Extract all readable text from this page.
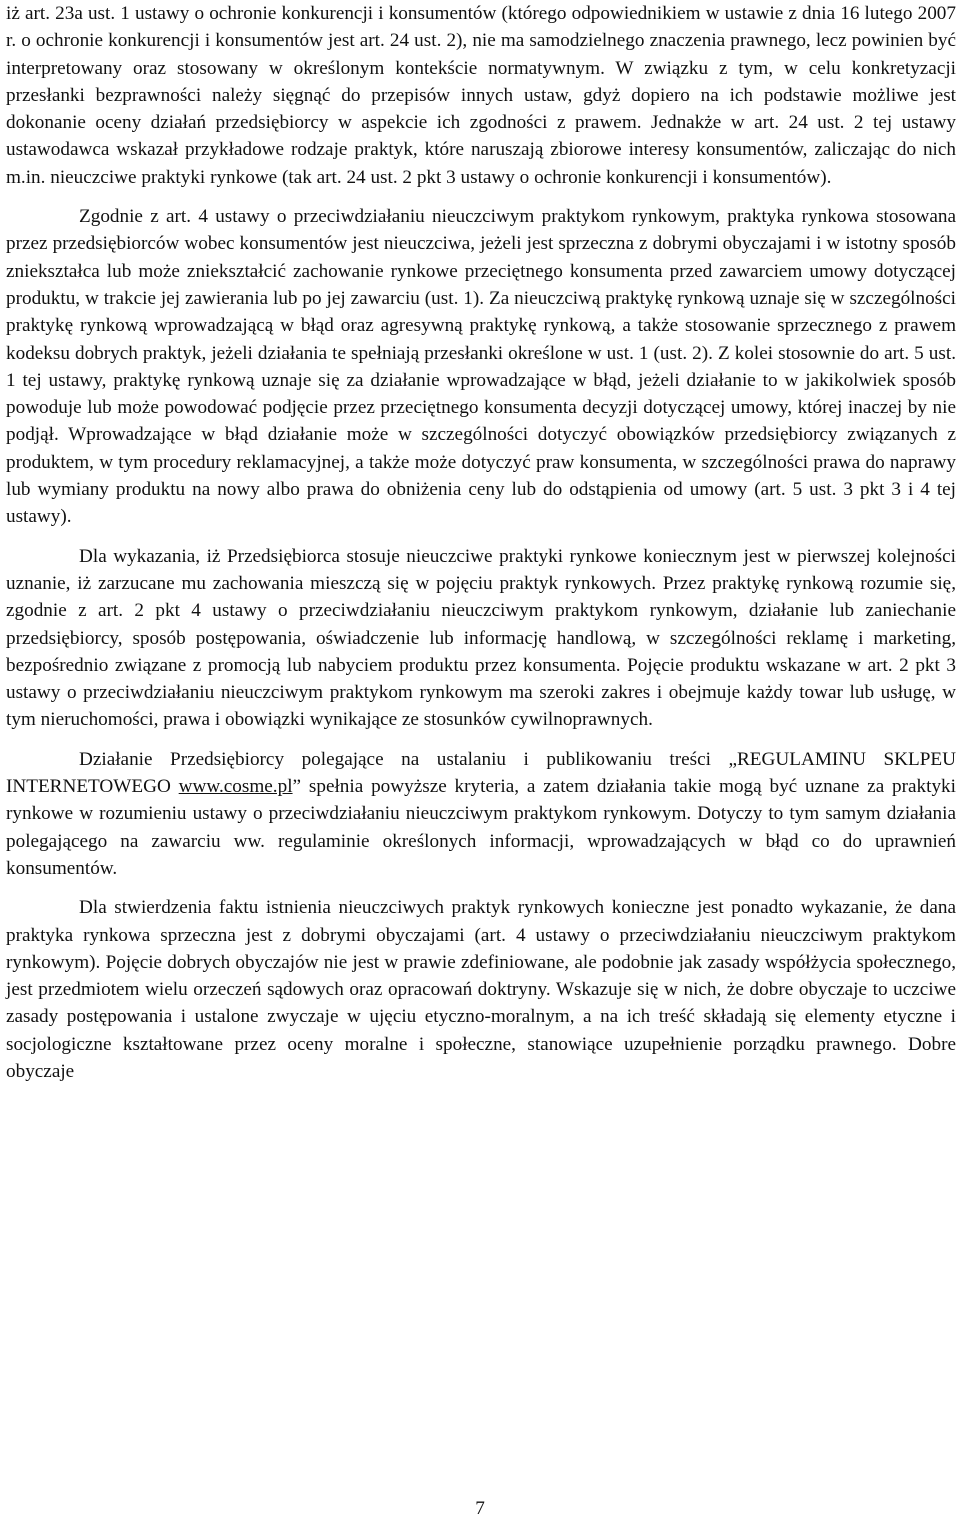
iż art. 23a ust. 1 ustawy o ochronie konkurencji i konsumentów (którego odpowiednikiem w ustawie z dnia 16 lutego 2007 r. o ochronie konkurencji i konsumentów jest art. 24 ust. 2), nie ma samodzielnego znaczenia prawnego, lecz powinien być interpretowany oraz stosowany w określonym kontekście normatywnym. W związku z tym, w celu konkretyzacji przesłanki bezprawności należy sięgnąć do przepisów innych ustaw, gdyż dopiero na ich podstawie możliwe jest dokonanie oceny działań przedsiębiorcy w aspekcie ich zgodności z prawem. Jednakże w art. 24 ust. 2 tej ustawy ustawodawca wskazał przykładowe rodzaje praktyk, które naruszają zbiorowe interesy konsumentów, zaliczając do nich m.in. nieuczciwe praktyki rynkowe (tak art. 24 ust. 2 pkt 3 ustawy o ochronie konkurencji i konsumentów).

Zgodnie z art. 4 ustawy o przeciwdziałaniu nieuczciwym praktykom rynkowym, praktyka rynkowa stosowana przez przedsiębiorców wobec konsumentów jest nieuczciwa, jeżeli jest sprzeczna z dobrymi obyczajami i w istotny sposób zniekształca lub może zniekształcić zachowanie rynkowe przeciętnego konsumenta przed zawarciem umowy dotyczącej produktu, w trakcie jej zawierania lub po jej zawarciu (ust. 1). Za nieuczciwą praktykę rynkową uznaje się w szczególności praktykę rynkową wprowadzającą w błąd oraz agresywną praktykę rynkową, a także stosowanie sprzecznego z prawem kodeksu dobrych praktyk, jeżeli działania te spełniają przesłanki określone w ust. 1 (ust. 2). Z kolei stosownie do art. 5 ust. 1 tej ustawy, praktykę rynkową uznaje się za działanie wprowadzające w błąd, jeżeli działanie to w jakikolwiek sposób powoduje lub może powodować podjęcie przez przeciętnego konsumenta decyzji dotyczącej umowy, której inaczej by nie podjął. Wprowadzające w błąd działanie może w szczególności dotyczyć obowiązków przedsiębiorcy związanych z produktem, w tym procedury reklamacyjnej, a także może dotyczyć praw konsumenta, w szczególności prawa do naprawy lub wymiany produktu na nowy albo prawa do obniżenia ceny lub do odstąpienia od umowy (art. 5 ust. 3 pkt 3 i 4 tej ustawy).

Dla wykazania, iż Przedsiębiorca stosuje nieuczciwe praktyki rynkowe koniecznym jest w pierwszej kolejności uznanie, iż zarzucane mu zachowania mieszczą się w pojęciu praktyk rynkowych. Przez praktykę rynkową rozumie się, zgodnie z art. 2 pkt 4 ustawy o przeciwdziałaniu nieuczciwym praktykom rynkowym, działanie lub zaniechanie przedsiębiorcy, sposób postępowania, oświadczenie lub informację handlową, w szczególności reklamę i marketing, bezpośrednio związane z promocją lub nabyciem produktu przez konsumenta. Pojęcie produktu wskazane w art. 2 pkt 3 ustawy o przeciwdziałaniu nieuczciwym praktykom rynkowym ma szeroki zakres i obejmuje każdy towar lub usługę, w tym nieruchomości, prawa i obowiązki wynikające ze stosunków cywilnoprawnych.

Działanie Przedsiębiorcy polegające na ustalaniu i publikowaniu treści „REGULAMINU SKLPEU INTERNETOWEGO www.cosme.pl” spełnia powyższe kryteria, a zatem działania takie mogą być uznane za praktyki rynkowe w rozumieniu ustawy o przeciwdziałaniu nieuczciwym praktykom rynkowym. Dotyczy to tym samym działania polegającego na zawarciu ww. regulaminie określonych informacji, wprowadzających w błąd co do uprawnień konsumentów.

Dla stwierdzenia faktu istnienia nieuczciwych praktyk rynkowych konieczne jest ponadto wykazanie, że dana praktyka rynkowa sprzeczna jest z dobrymi obyczajami (art. 4 ustawy o przeciwdziałaniu nieuczciwym praktykom rynkowym). Pojęcie dobrych obyczajów nie jest w prawie zdefiniowane, ale podobnie jak zasady współżycia społecznego, jest przedmiotem wielu orzeczeń sądowych oraz opracowań doktryny. Wskazuje się w nich, że dobre obyczaje to uczciwe zasady postępowania i ustalone zwyczaje w ujęciu etyczno-moralnym, a na ich treść składają się elementy etyczne i socjologiczne kształtowane przez oceny moralne i społeczne, stanowiące uzupełnienie porządku prawnego. Dobre obyczaje

7
